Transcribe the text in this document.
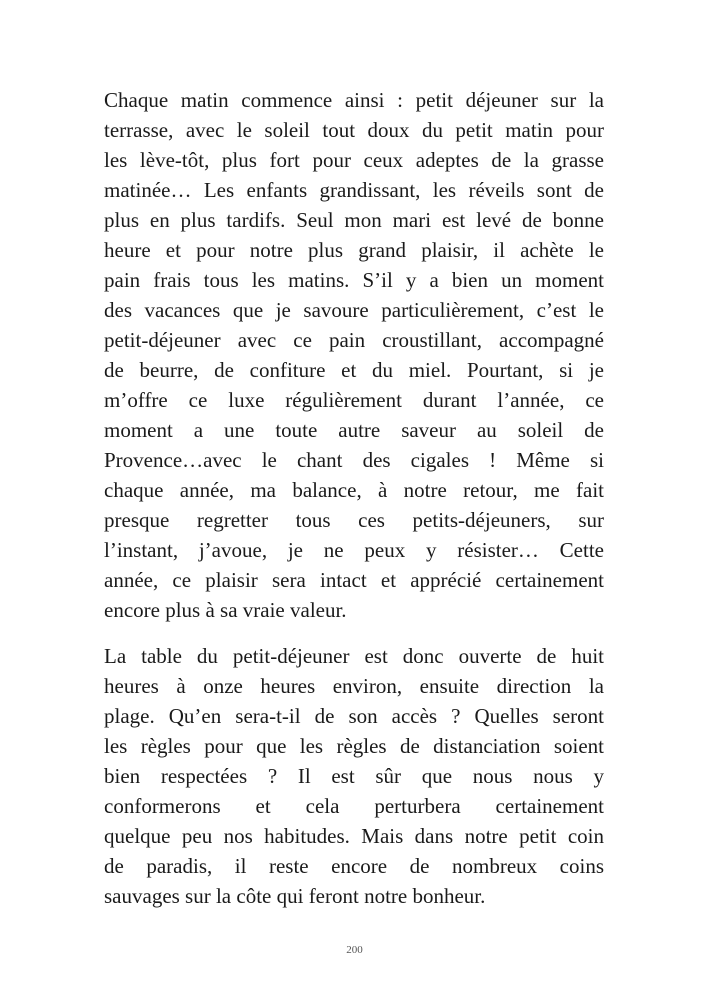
Chaque matin commence ainsi : petit déjeuner sur la
terrasse, avec le soleil tout doux du petit matin pour
les lève-tôt, plus fort pour ceux adeptes de la grasse
matinée… Les enfants grandissant, les réveils sont de
plus en plus tardifs. Seul mon mari est levé de bonne
heure et pour notre plus grand plaisir, il achète le
pain frais tous les matins. S’il y a bien un moment
des vacances que je savoure particulièrement, c’est le
petit-déjeuner avec ce pain croustillant, accompagné
de beurre, de confiture et du miel. Pourtant, si je
m’offre ce luxe régulièrement durant l’année, ce
moment a une toute autre saveur au soleil de
Provence…avec le chant des cigales ! Même si
chaque année, ma balance, à notre retour, me fait
presque regretter tous ces petits-déjeuners, sur
l’instant, j’avoue, je ne peux y résister… Cette
année, ce plaisir sera intact et apprécié certainement
encore plus à sa vraie valeur.
La table du petit-déjeuner est donc ouverte de huit
heures à onze heures environ, ensuite direction la
plage. Qu’en sera-t-il de son accès ? Quelles seront
les règles pour que les règles de distanciation soient
bien respectées ? Il est sûr que nous nous y
conformerons et cela perturbera certainement
quelque peu nos habitudes. Mais dans notre petit coin
de paradis, il reste encore de nombreux coins
sauvages sur la côte qui feront notre bonheur.
200
